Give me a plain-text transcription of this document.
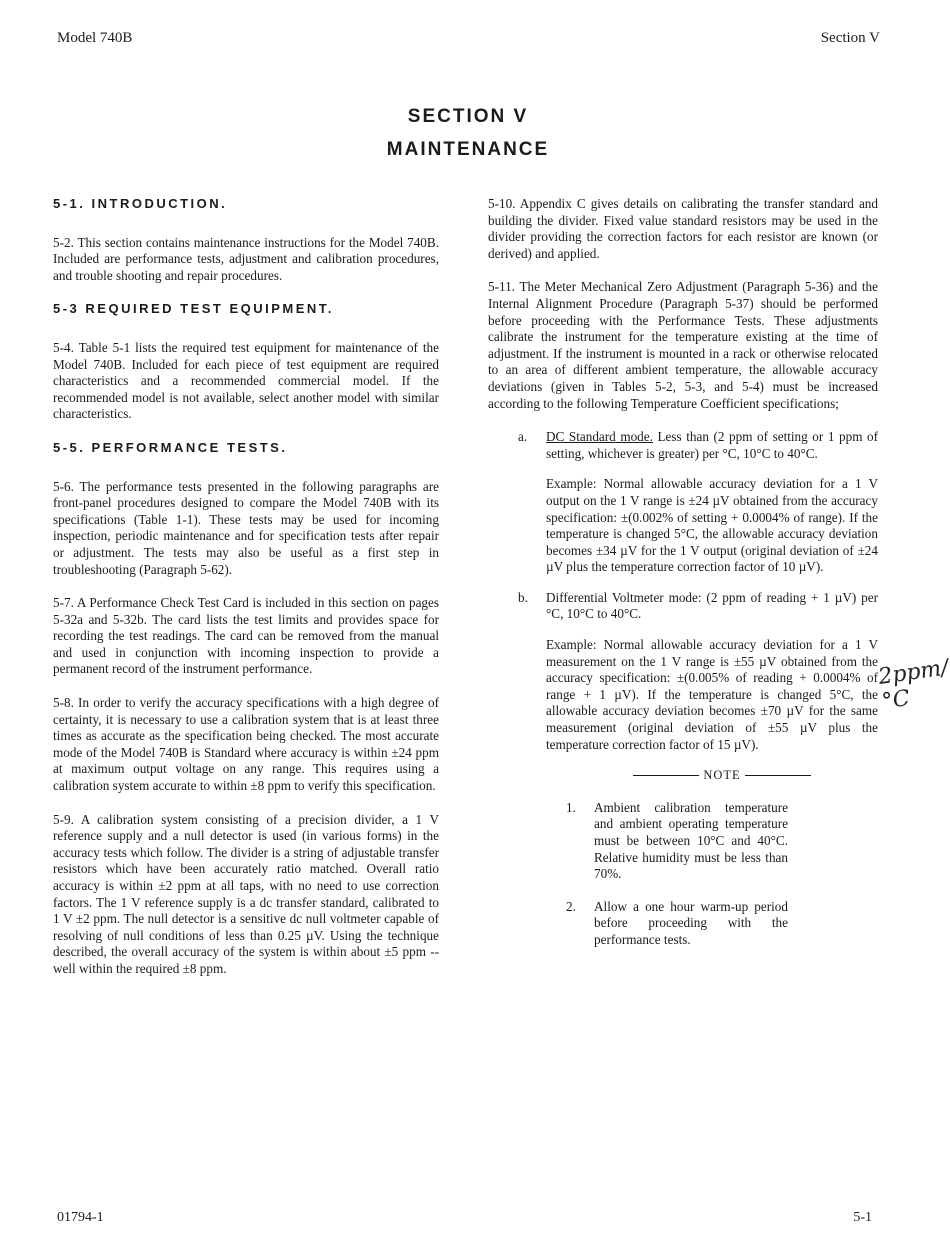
Model 740B	Section V
SECTION V
MAINTENANCE
5-1. INTRODUCTION.

5-2. This section contains maintenance instructions for the Model 740B. Included are performance tests, adjustment and calibration procedures, and trouble shooting and repair procedures.

5-3 REQUIRED TEST EQUIPMENT.

5-4. Table 5-1 lists the required test equipment for maintenance of the Model 740B. Included for each piece of test equipment are required characteristics and a recommended commercial model. If the recommended model is not available, select another model with similar characteristics.

5-5. PERFORMANCE TESTS.

5-6. The performance tests presented in the following paragraphs are front-panel procedures designed to compare the Model 740B with its specifications (Table 1-1). These tests may be used for incoming inspection, periodic maintenance and for specification tests after repair or adjustment. The tests may also be useful as a first step in troubleshooting (Paragraph 5-62).

5-7. A Performance Check Test Card is included in this section on pages 5-32a and 5-32b. The card lists the test limits and provides space for recording the test readings. The card can be removed from the manual and used in conjunction with incoming inspection to provide a permanent record of the instrument performance.

5-8. In order to verify the accuracy specifications with a high degree of certainty, it is necessary to use a calibration system that is at least three times as accurate as the specification being checked. The most accurate mode of the Model 740B is Standard where accuracy is within ±24 ppm at maximum output voltage on any range. This requires using a calibration system accurate to within ±8 ppm to verify this specification.

5-9. A calibration system consisting of a precision divider, a 1 V reference supply and a null detector is used (in various forms) in the accuracy tests which follow. The divider is a string of adjustable transfer resistors which have been accurately ratio matched. Overall ratio accuracy is within ±2 ppm at all taps, with no need to use correction factors. The 1 V reference supply is a dc transfer standard, calibrated to 1 V ±2 ppm. The null detector is a sensitive dc null voltmeter capable of resolving of null conditions of less than 0.25 µV. Using the technique described, the overall accuracy of the system is within about ±5 ppm -- well within the required ±8 ppm.

5-10. Appendix C gives details on calibrating the transfer standard and building the divider. Fixed value standard resistors may be used in the divider providing the correction factors for each resistor are known (or derived) and applied.

5-11. The Meter Mechanical Zero Adjustment (Paragraph 5-36) and the Internal Alignment Procedure (Paragraph 5-37) should be performed before proceeding with the Performance Tests. These adjustments calibrate the instrument for the temperature existing at the time of adjustment. If the instrument is mounted in a rack or otherwise relocated to an area of different ambient temperature, the allowable accuracy deviations (given in Tables 5-2, 5-3, and 5-4) must be increased according to the following Temperature Coefficient specifications;

a.	DC Standard mode. Less than (2 ppm of setting or 1 ppm of setting, whichever is greater) per °C, 10°C to 40°C.
Example: Normal allowable accuracy deviation for a 1 V output on the 1 V range is ±24 µV obtained from the accuracy specification: ±(0.002% of setting + 0.0004% of range). If the temperature is changed 5°C, the allowable accuracy deviation becomes ±34 µV for the 1 V output (original deviation of ±24 µV plus the temperature correction factor of 10 µV).
b.	Differential Voltmeter mode: (2 ppm of reading + 1 µV) per °C, 10°C to 40°C.
Example: Normal allowable accuracy deviation for a 1 V measurement on the 1 V range is ±55 µV obtained from the accuracy specification: ±(0.005% of reading + 0.0004% of range + 1 µV). If the temperature is changed 5°C, the allowable accuracy deviation becomes ±70 µV for the same measurement (original deviation of ±55 µV plus the temperature correction factor of 15 µV).
NOTE
1.	Ambient calibration temperature and ambient operating temperature must be between 10°C and 40°C. Relative humidity must be less than 70%.
2.	Allow a one hour warm-up period before proceeding with the performance tests.
2ppm/°C
01794-1	5-1
